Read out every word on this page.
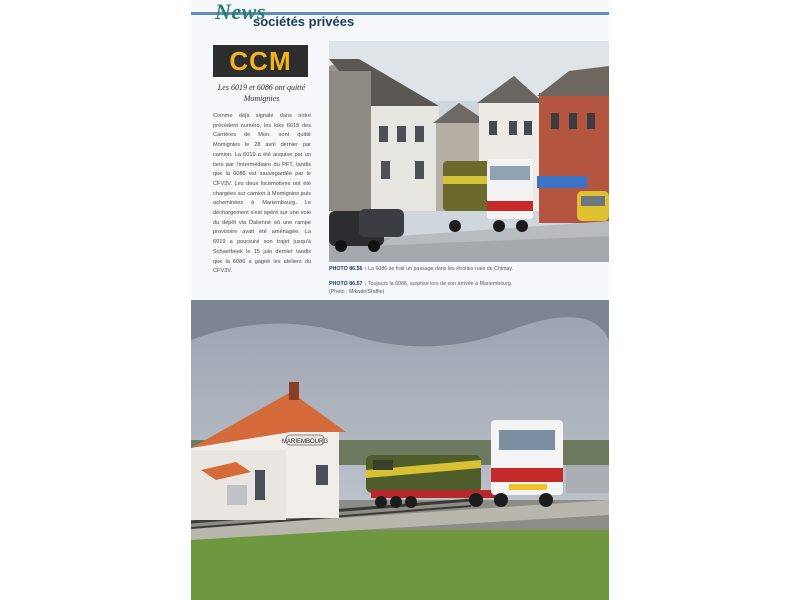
News
sociétés privées
CCM
Les 6019 et 6086 ont quitté Momignies
Comme déjà signalé dans notre précédent numéro, les loks 6019 des Carrières de Mon. sont quitté Momignies le 28 avril dernier par camion. La 6019 a été acquise par un tiers par l'intermédiaire du PFT, tandis que la 6086 est sauvegardée par le CFV3V. Les deux locomotives ont été chargées sur camion à Momignies puis acheminées à Mariembourg. Le déchargement s'est opéré sur une voie du dépôt via Dalienne où une rampe provisoire avait été aménagée. La 6019 a poursuivi son trajet jusqu'à Schaerbeek le 15 juin dernier tandis que la 6086 a gagné les ateliers du CFV3V.	PHOTO 86.56 ↑ La 6086 se frait un passage dans les étroites rues de Chimay.
PHOTO 86.57 ↓ Toujours la 6086, surprise lors de son arrivée à Mariembourg.
(Photo : Mikado/Staffie)
MARIEMBOURG
